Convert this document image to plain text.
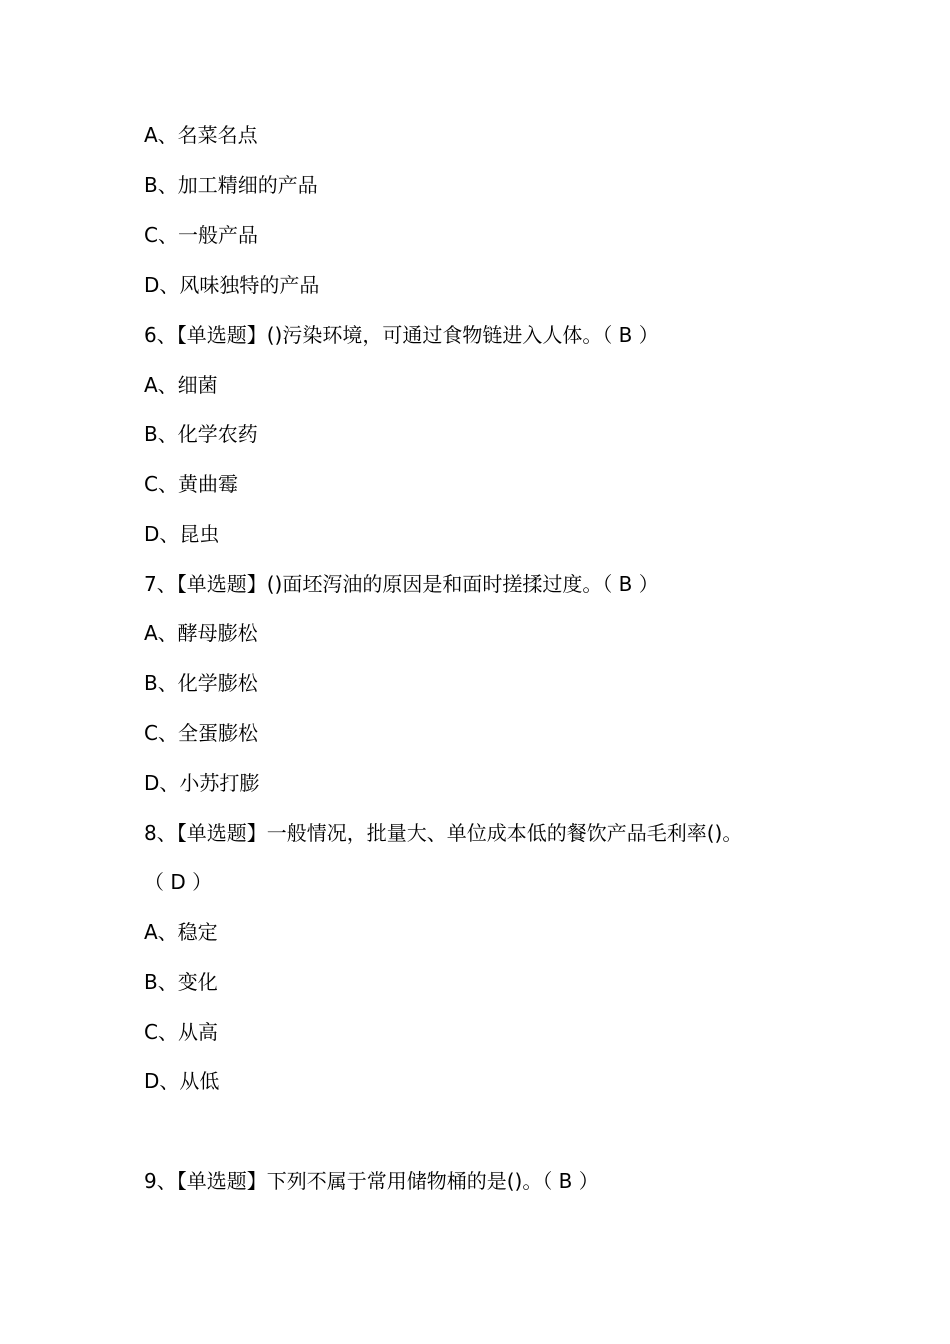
A、名菜名点
B、加工精细的产品
C、一般产品
D、风味独特的产品
6、【单选题】()污染环境，可通过食物链进入人体。（ B ）
A、细菌
B、化学农药
C、黄曲霉
D、昆虫
7、【单选题】()面坯泻油的原因是和面时搓揉过度。（ B ）
A、酵母膨松
B、化学膨松
C、全蛋膨松
D、小苏打膨
8、【单选题】一般情况，批量大、单位成本低的餐饮产品毛利率()。
（ D ）
A、稳定
B、变化
C、从高
D、从低
9、【单选题】下列不属于常用储物桶的是()。（ B ）
